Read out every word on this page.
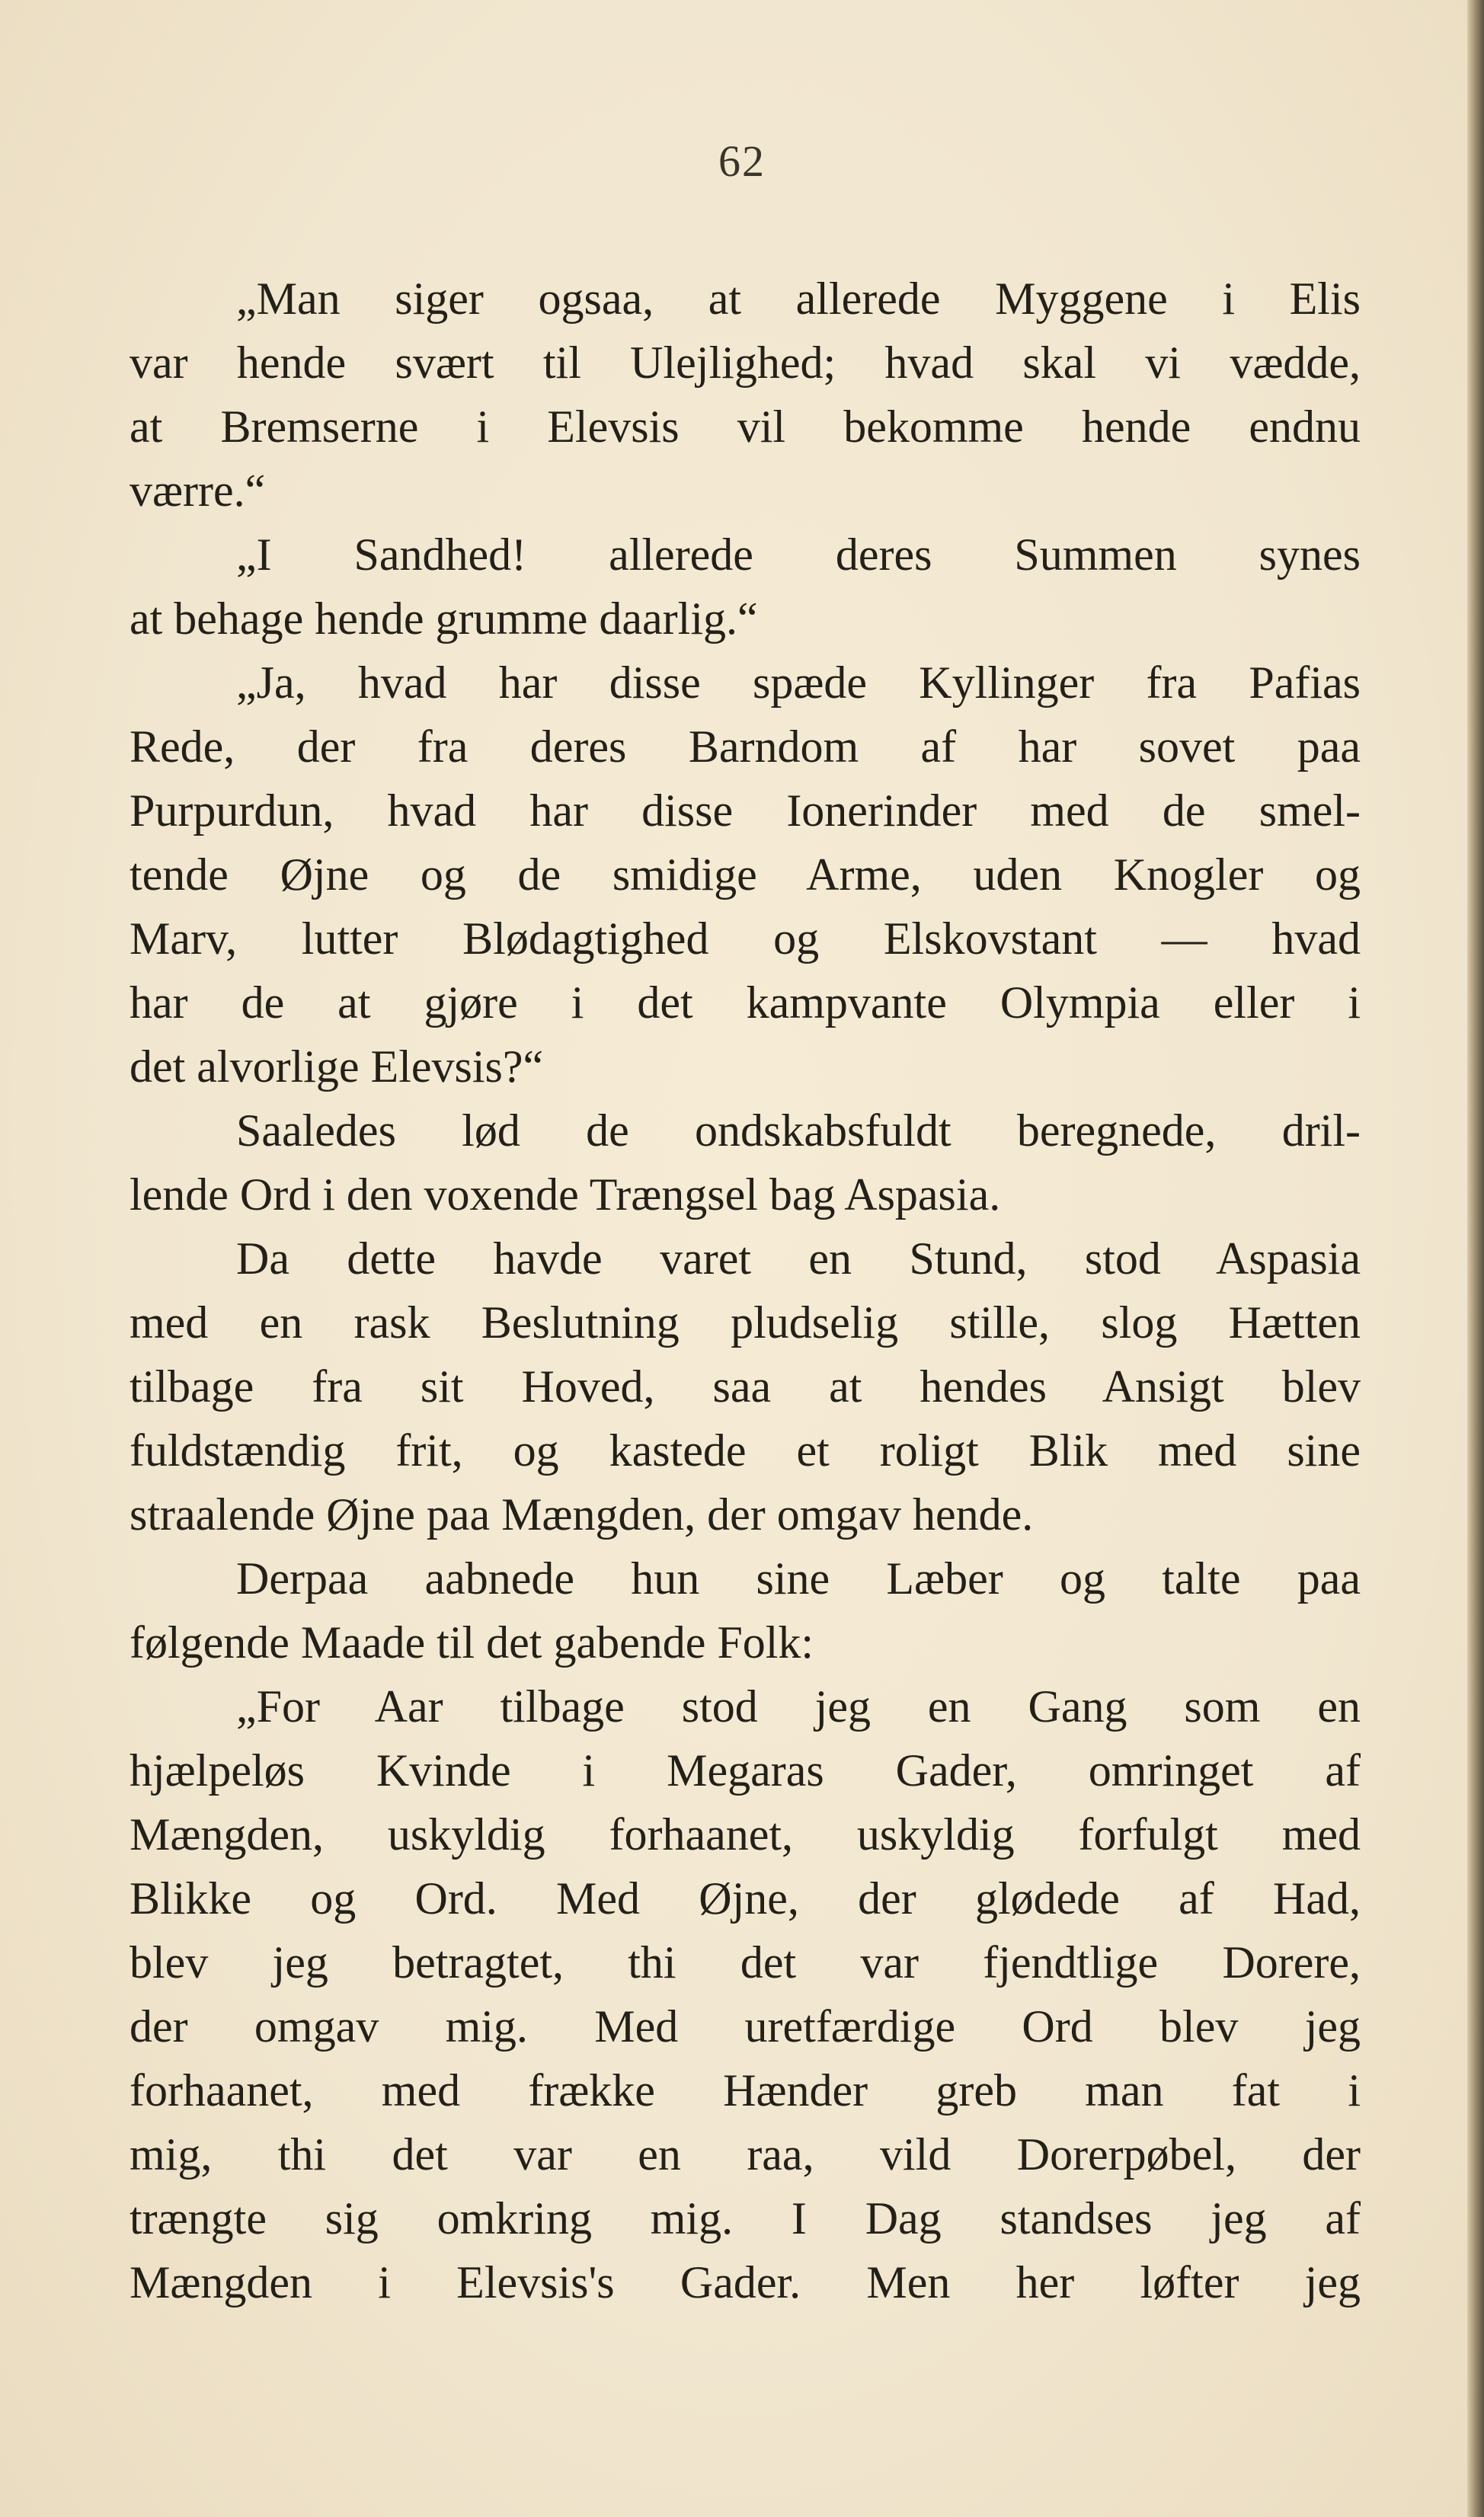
62
„Man siger ogsaa, at allerede Myggene i Elis
var hende svært til Ulejlighed; hvad skal vi vædde,
at Bremserne i Elevsis vil bekomme hende endnu
værre.“
„I Sandhed! allerede deres Summen synes
at behage hende grumme daarlig.“
„Ja, hvad har disse spæde Kyllinger fra Pafias
Rede, der fra deres Barndom af har sovet paa
Purpurdun, hvad har disse Ionerinder med de smel-
tende Øjne og de smidige Arme, uden Knogler og
Marv, lutter Blødagtighed og Elskovstant — hvad
har de at gjøre i det kampvante Olympia eller i
det alvorlige Elevsis?“
Saaledes lød de ondskabsfuldt beregnede, dril-
lende Ord i den voxende Trængsel bag Aspasia.
Da dette havde varet en Stund, stod Aspasia
med en rask Beslutning pludselig stille, slog Hætten
tilbage fra sit Hoved, saa at hendes Ansigt blev
fuldstændig frit, og kastede et roligt Blik med sine
straalende Øjne paa Mængden, der omgav hende.
Derpaa aabnede hun sine Læber og talte paa
følgende Maade til det gabende Folk:
„For Aar tilbage stod jeg en Gang som en
hjælpeløs Kvinde i Megaras Gader, omringet af
Mængden, uskyldig forhaanet, uskyldig forfulgt med
Blikke og Ord. Med Øjne, der glødede af Had,
blev jeg betragtet, thi det var fjendtlige Dorere,
der omgav mig. Med uretfærdige Ord blev jeg
forhaanet, med frække Hænder greb man fat i
mig, thi det var en raa, vild Dorerpøbel, der
trængte sig omkring mig. I Dag standses jeg af
Mængden i Elevsis's Gader. Men her løfter jeg
